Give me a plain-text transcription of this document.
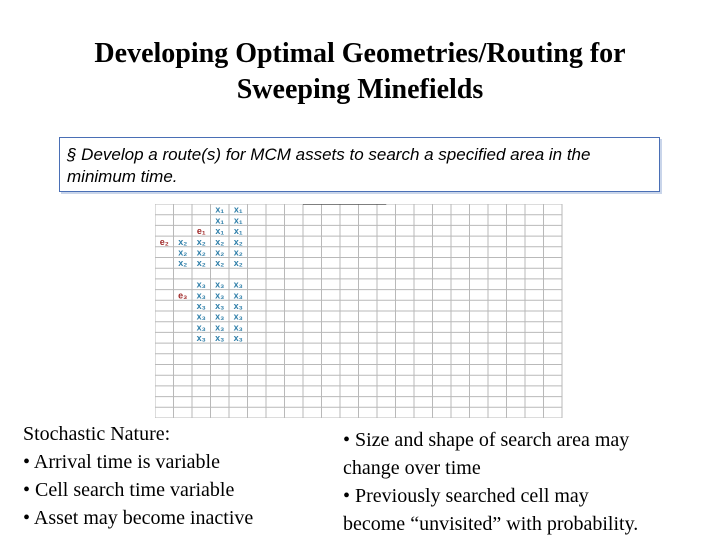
Developing Optimal Geometries/Routing for
Sweeping Minefields
§ Develop a route(s) for MCM assets to search a specified area in the minimum time.
x₁ x₁
x₁ x₁
e₁ x₁ x₁
e₂ x₂ x₂ x₂ x₂
x₂ x₂ x₂ x₂
x₂ x₂ x₂ x₂
x₃ x₃ x₃
e₃ x₃ x₃ x₃
x₃ x₃ x₃
x₃ x₃ x₃
x₃ x₃ x₃
x₃ x₃ x₃
Stochastic Nature:
• Arrival time is variable
• Cell search time variable
• Asset may become inactive
• Size and shape of search area may
change over time
• Previously searched cell may
become “unvisited” with probability.
